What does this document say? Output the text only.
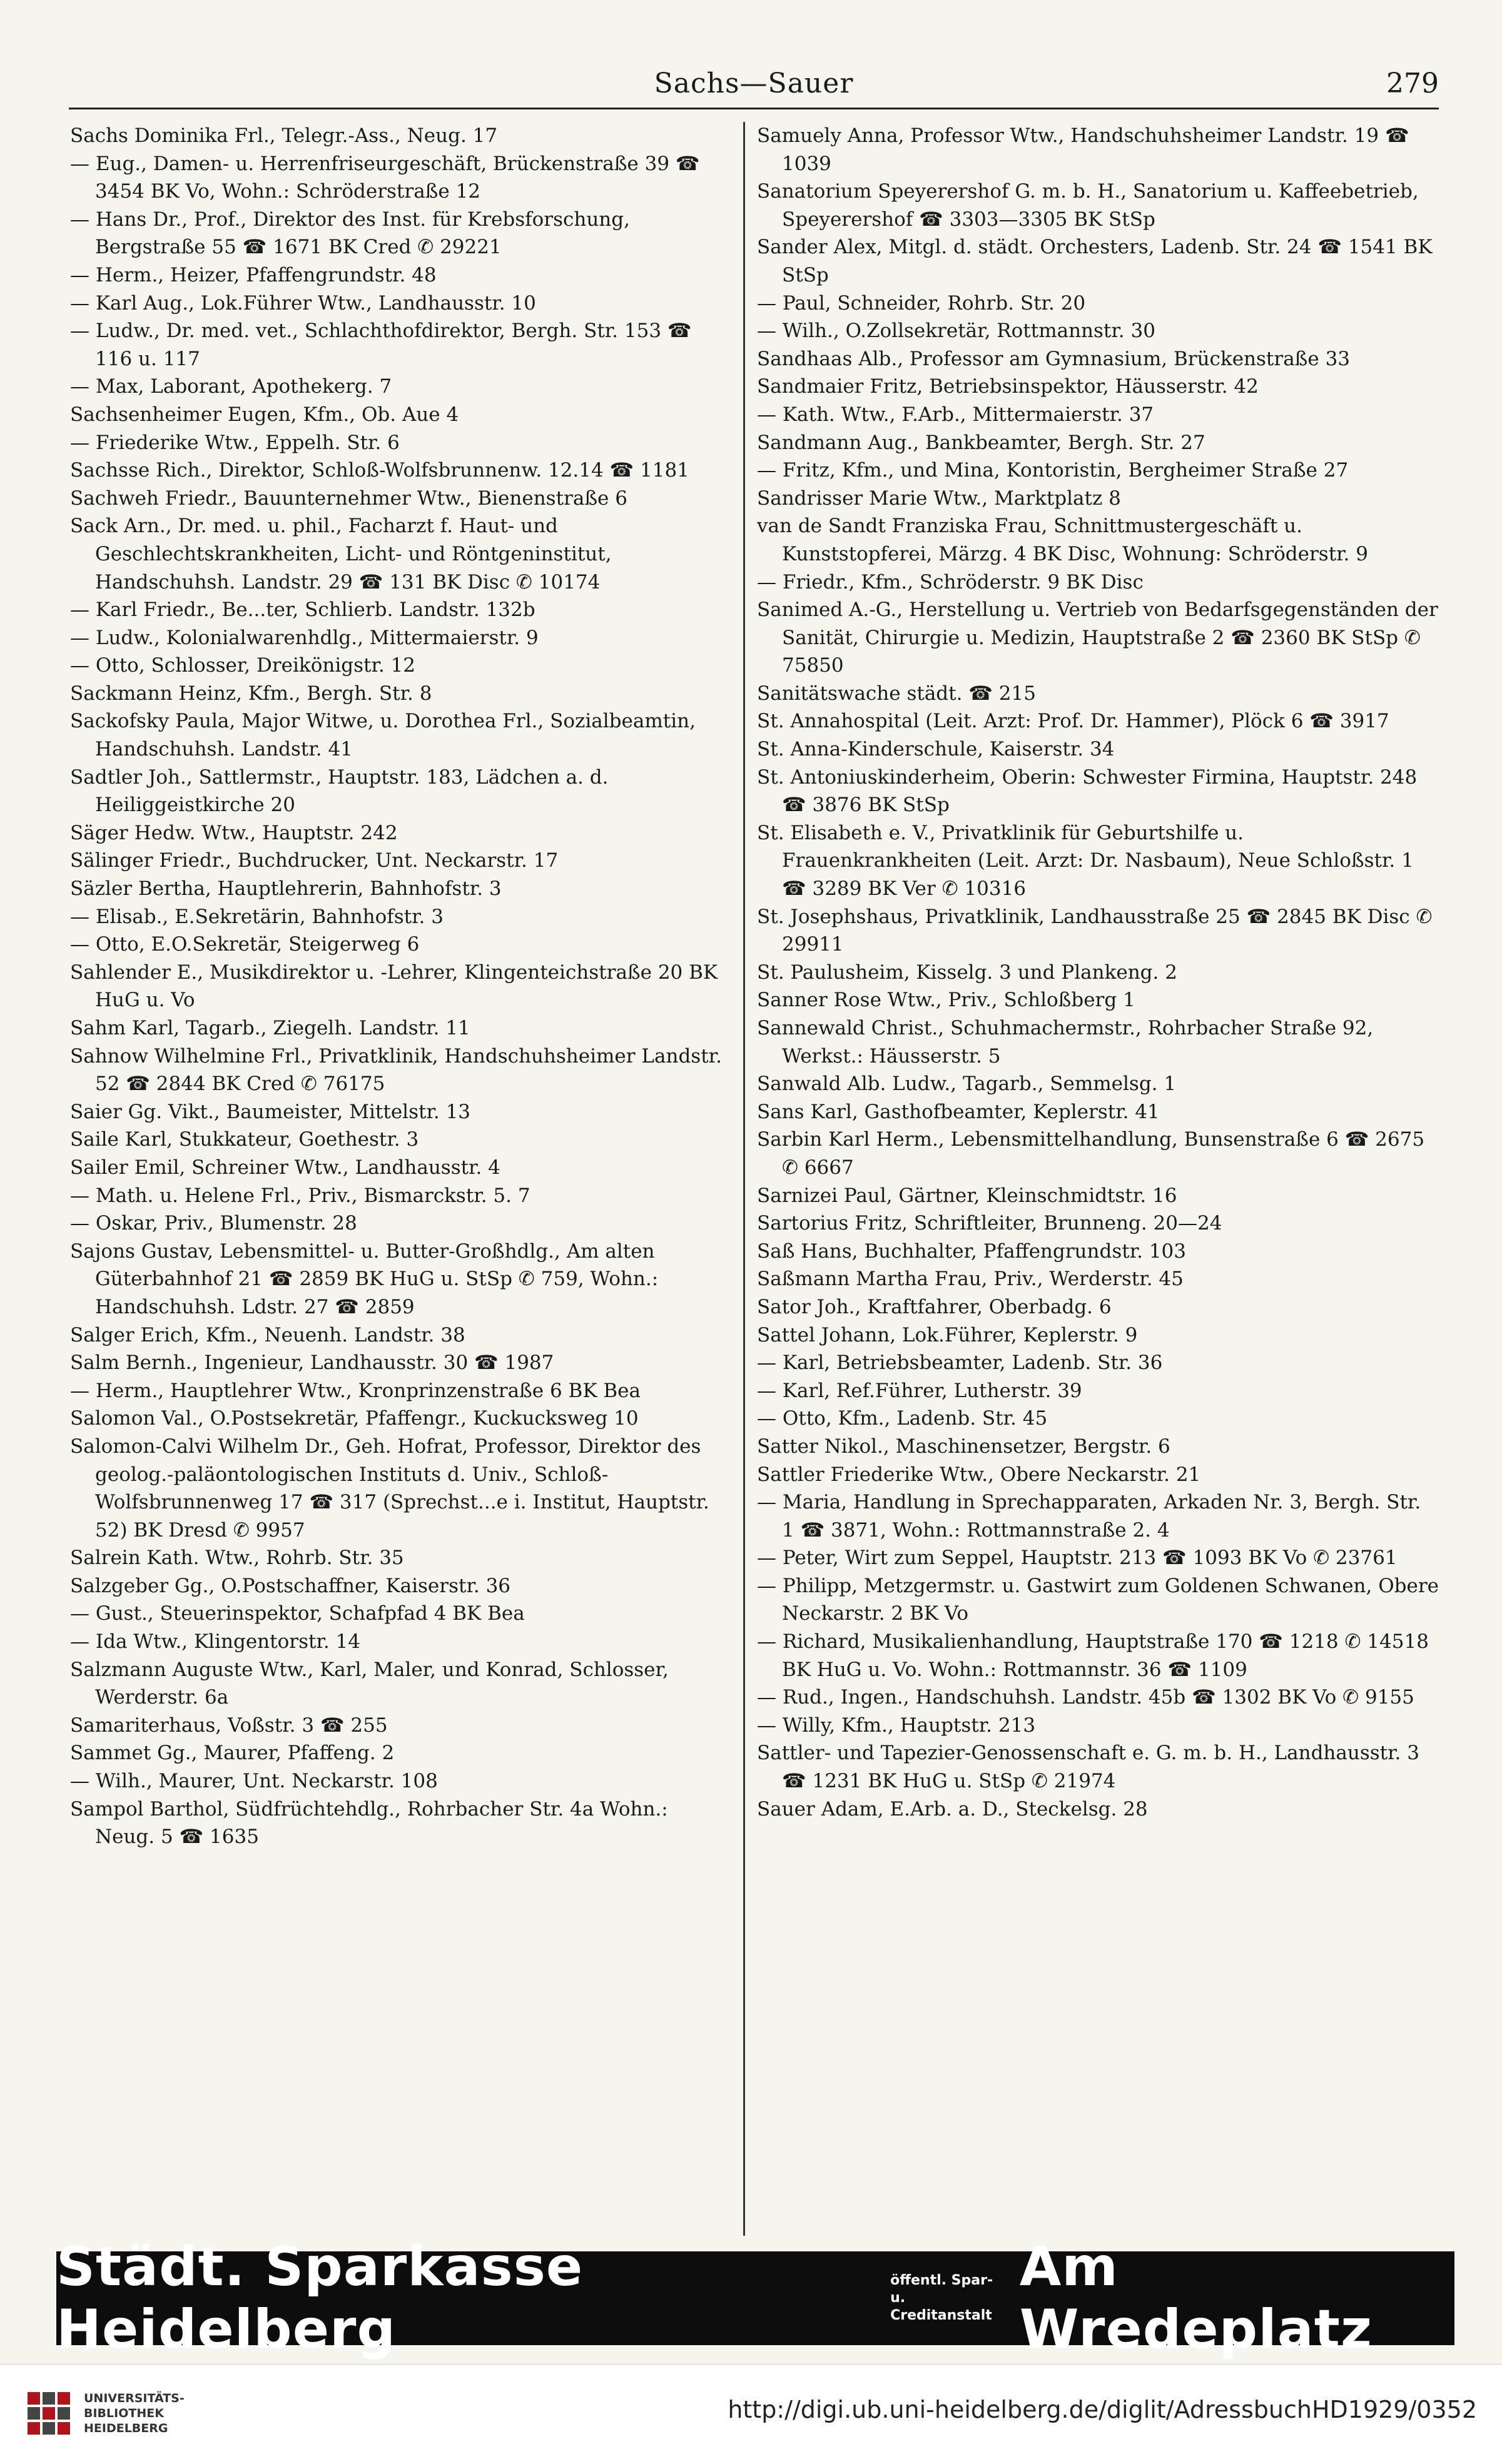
Sachs—Sauer	279

Sachs Dominika Frl., Telegr.-Ass., Neug. 17

— Eug., Damen- u. Herrenfriseurgeschäft, Brückenstraße 39 ☎ 3454 BK Vo, Wohn.: Schröderstraße 12

— Hans Dr., Prof., Direktor des Inst. für Krebsforschung, Bergstraße 55 ☎ 1671 BK Cred ✆ 29221

— Herm., Heizer, Pfaffengrundstr. 48

— Karl Aug., Lok.Führer Wtw., Landhausstr. 10

— Ludw., Dr. med. vet., Schlachthofdirektor, Bergh. Str. 153 ☎ 116 u. 117

— Max, Laborant, Apothekerg. 7

Sachsenheimer Eugen, Kfm., Ob. Aue 4

— Friederike Wtw., Eppelh. Str. 6

Sachsse Rich., Direktor, Schloß-Wolfsbrunnenw. 12.14 ☎ 1181

Sachweh Friedr., Bauunternehmer Wtw., Bienenstraße 6

Sack Arn., Dr. med. u. phil., Facharzt f. Haut- und Geschlechtskrankheiten, Licht- und Röntgeninstitut, Handschuhsh. Landstr. 29 ☎ 131 BK Disc ✆ 10174

— Karl Friedr., Be...ter, Schlierb. Landstr. 132b

— Ludw., Kolonialwarenhdlg., Mittermaierstr. 9

— Otto, Schlosser, Dreikönigstr. 12

Sackmann Heinz, Kfm., Bergh. Str. 8

Sackofsky Paula, Major Witwe, u. Dorothea Frl., Sozialbeamtin, Handschuhsh. Landstr. 41

Sadtler Joh., Sattlermstr., Hauptstr. 183, Lädchen a. d. Heiliggeistkirche 20

Säger Hedw. Wtw., Hauptstr. 242

Sälinger Friedr., Buchdrucker, Unt. Neckarstr. 17

Säzler Bertha, Hauptlehrerin, Bahnhofstr. 3

— Elisab., E.Sekretärin, Bahnhofstr. 3

— Otto, E.O.Sekretär, Steigerweg 6

Sahlender E., Musikdirektor u. -Lehrer, Klingenteichstraße 20 BK HuG u. Vo

Sahm Karl, Tagarb., Ziegelh. Landstr. 11

Sahnow Wilhelmine Frl., Privatklinik, Handschuhsheimer Landstr. 52 ☎ 2844 BK Cred ✆ 76175

Saier Gg. Vikt., Baumeister, Mittelstr. 13

Saile Karl, Stukkateur, Goethestr. 3

Sailer Emil, Schreiner Wtw., Landhausstr. 4

— Math. u. Helene Frl., Priv., Bismarckstr. 5. 7

— Oskar, Priv., Blumenstr. 28

Sajons Gustav, Lebensmittel- u. Butter-Großhdlg., Am alten Güterbahnhof 21 ☎ 2859 BK HuG u. StSp ✆ 759, Wohn.: Handschuhsh. Ldstr. 27 ☎ 2859

Salger Erich, Kfm., Neuenh. Landstr. 38

Salm Bernh., Ingenieur, Landhausstr. 30 ☎ 1987

— Herm., Hauptlehrer Wtw., Kronprinzenstraße 6 BK Bea

Salomon Val., O.Postsekretär, Pfaffengr., Kuckucksweg 10

Salomon-Calvi Wilhelm Dr., Geh. Hofrat, Professor, Direktor des geolog.-paläontologischen Instituts d. Univ., Schloß-Wolfsbrunnenweg 17 ☎ 317 (Sprechst...e i. Institut, Hauptstr. 52) BK Dresd ✆ 9957

Salrein Kath. Wtw., Rohrb. Str. 35

Salzgeber Gg., O.Postschaffner, Kaiserstr. 36

— Gust., Steuerinspektor, Schafpfad 4 BK Bea

— Ida Wtw., Klingentorstr. 14

Salzmann Auguste Wtw., Karl, Maler, und Konrad, Schlosser, Werderstr. 6a

Samariterhaus, Voßstr. 3 ☎ 255

Sammet Gg., Maurer, Pfaffeng. 2

— Wilh., Maurer, Unt. Neckarstr. 108

Sampol Barthol, Südfrüchtehdlg., Rohrbacher Str. 4a Wohn.: Neug. 5 ☎ 1635

Samuely Anna, Professor Wtw., Handschuhsheimer Landstr. 19 ☎ 1039

Sanatorium Speyerershof G. m. b. H., Sanatorium u. Kaffeebetrieb, Speyerershof ☎ 3303—3305 BK StSp

Sander Alex, Mitgl. d. städt. Orchesters, Ladenb. Str. 24 ☎ 1541 BK StSp

— Paul, Schneider, Rohrb. Str. 20

— Wilh., O.Zollsekretär, Rottmannstr. 30

Sandhaas Alb., Professor am Gymnasium, Brückenstraße 33

Sandmaier Fritz, Betriebsinspektor, Häusserstr. 42

— Kath. Wtw., F.Arb., Mittermaierstr. 37

Sandmann Aug., Bankbeamter, Bergh. Str. 27

— Fritz, Kfm., und Mina, Kontoristin, Bergheimer Straße 27

Sandrisser Marie Wtw., Marktplatz 8

van de Sandt Franziska Frau, Schnittmustergeschäft u. Kunststopferei, Märzg. 4 BK Disc, Wohnung: Schröderstr. 9

— Friedr., Kfm., Schröderstr. 9 BK Disc

Sanimed A.-G., Herstellung u. Vertrieb von Bedarfsgegenständen der Sanität, Chirurgie u. Medizin, Hauptstraße 2 ☎ 2360 BK StSp ✆ 75850

Sanitätswache städt. ☎ 215

St. Annahospital (Leit. Arzt: Prof. Dr. Hammer), Plöck 6 ☎ 3917

St. Anna-Kinderschule, Kaiserstr. 34

St. Antoniuskinderheim, Oberin: Schwester Firmina, Hauptstr. 248 ☎ 3876 BK StSp

St. Elisabeth e. V., Privatklinik für Geburtshilfe u. Frauenkrankheiten (Leit. Arzt: Dr. Nasbaum), Neue Schloßstr. 1 ☎ 3289 BK Ver ✆ 10316

St. Josephshaus, Privatklinik, Landhausstraße 25 ☎ 2845 BK Disc ✆ 29911

St. Paulusheim, Kisselg. 3 und Plankeng. 2

Sanner Rose Wtw., Priv., Schloßberg 1

Sannewald Christ., Schuhmachermstr., Rohrbacher Straße 92, Werkst.: Häusserstr. 5

Sanwald Alb. Ludw., Tagarb., Semmelsg. 1

Sans Karl, Gasthofbeamter, Keplerstr. 41

Sarbin Karl Herm., Lebensmittelhandlung, Bunsenstraße 6 ☎ 2675 ✆ 6667

Sarnizei Paul, Gärtner, Kleinschmidtstr. 16

Sartorius Fritz, Schriftleiter, Brunneng. 20—24

Saß Hans, Buchhalter, Pfaffengrundstr. 103

Saßmann Martha Frau, Priv., Werderstr. 45

Sator Joh., Kraftfahrer, Oberbadg. 6

Sattel Johann, Lok.Führer, Keplerstr. 9

— Karl, Betriebsbeamter, Ladenb. Str. 36

— Karl, Ref.Führer, Lutherstr. 39

— Otto, Kfm., Ladenb. Str. 45

Satter Nikol., Maschinensetzer, Bergstr. 6

Sattler Friederike Wtw., Obere Neckarstr. 21

— Maria, Handlung in Sprechapparaten, Arkaden Nr. 3, Bergh. Str. 1 ☎ 3871, Wohn.: Rottmannstraße 2. 4

— Peter, Wirt zum Seppel, Hauptstr. 213 ☎ 1093 BK Vo ✆ 23761

— Philipp, Metzgermstr. u. Gastwirt zum Goldenen Schwanen, Obere Neckarstr. 2 BK Vo

— Richard, Musikalienhandlung, Hauptstraße 170 ☎ 1218 ✆ 14518 BK HuG u. Vo. Wohn.: Rottmannstr. 36 ☎ 1109

— Rud., Ingen., Handschuhsh. Landstr. 45b ☎ 1302 BK Vo ✆ 9155

— Willy, Kfm., Hauptstr. 213

Sattler- und Tapezier-Genossenschaft e. G. m. b. H., Landhausstr. 3 ☎ 1231 BK HuG u. StSp ✆ 21974

Sauer Adam, E.Arb. a. D., Steckelsg. 28

Städt. Sparkasse Heidelberg
öffentl. Spar- u.
Creditanstalt
Am Wredeplatz
UNIVERSITÄTS-
BIBLIOTHEK
HEIDELBERG
http://digi.ub.uni-heidelberg.de/diglit/AdressbuchHD1929/0352
